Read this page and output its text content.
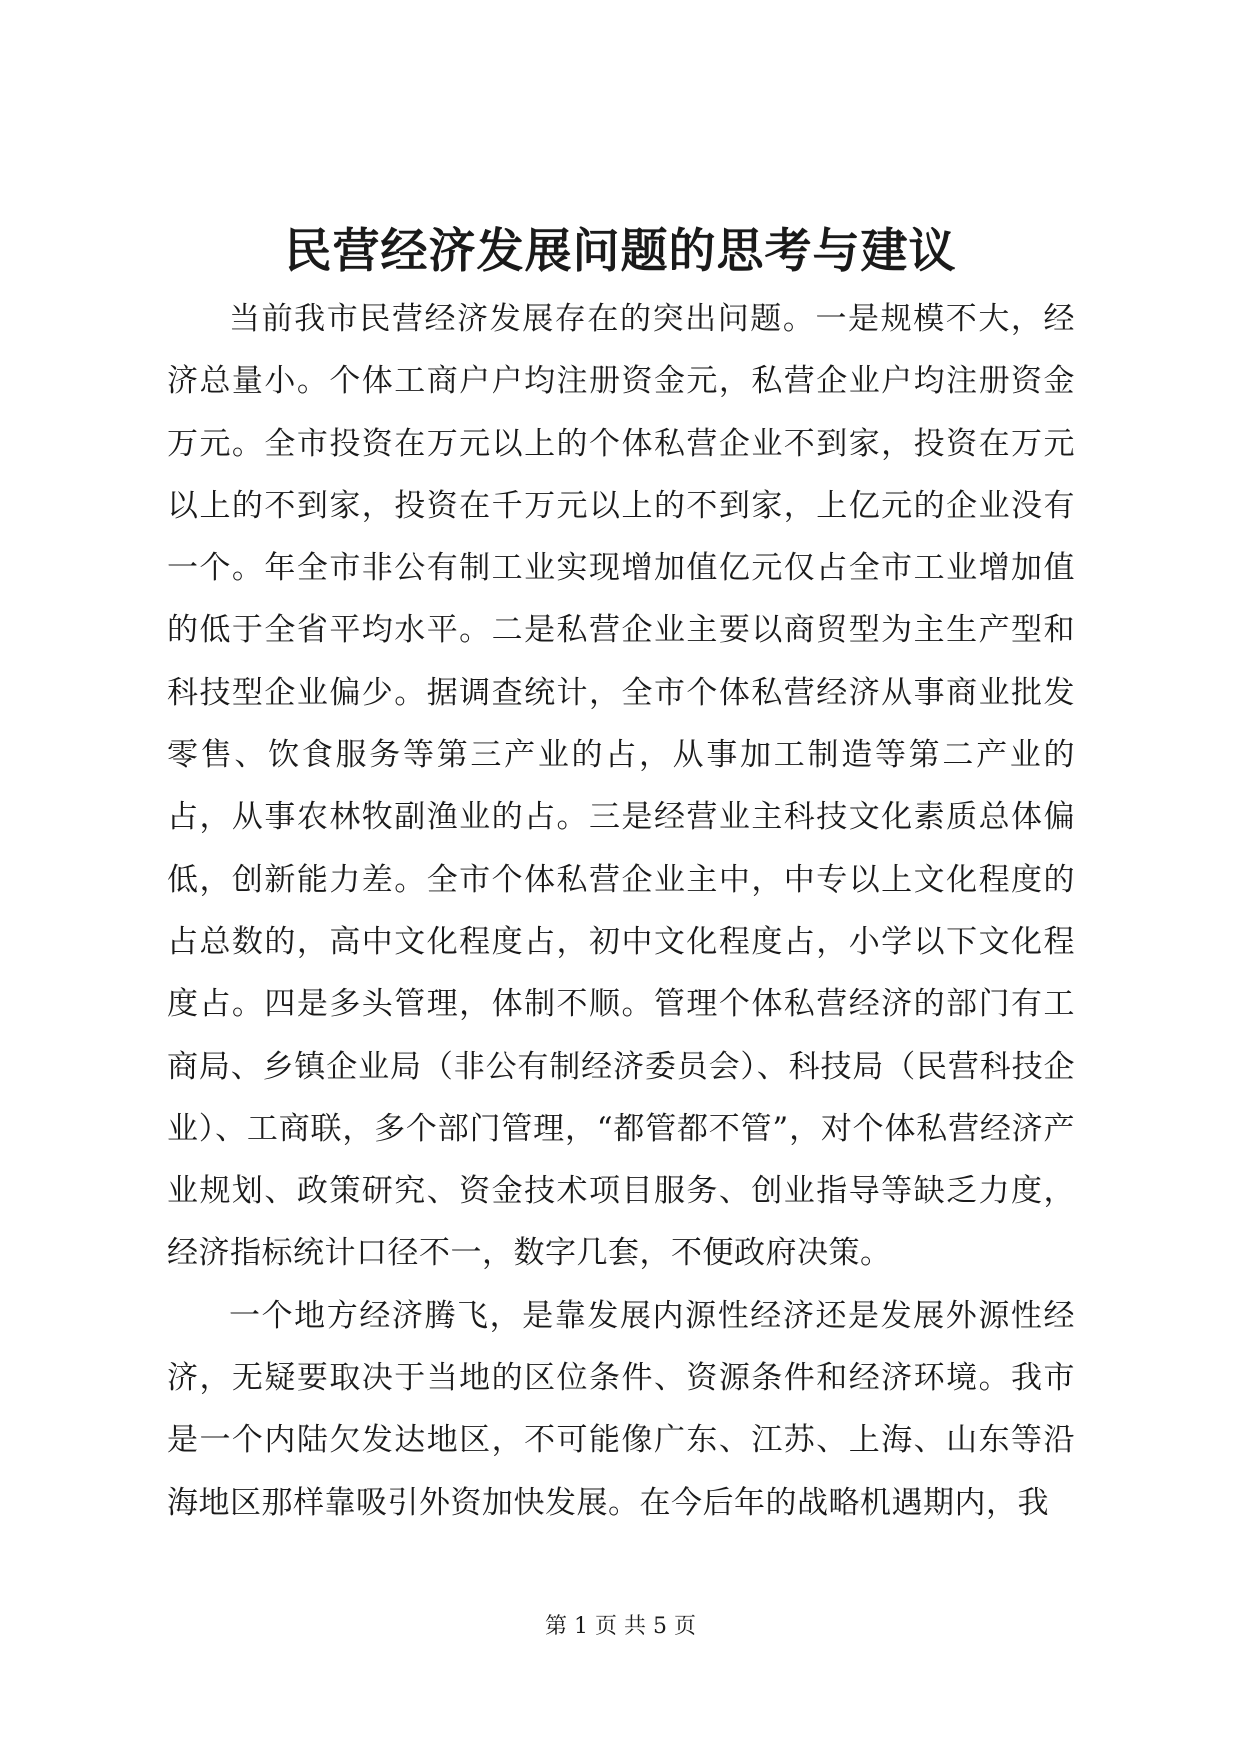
民营经济发展问题的思考与建议

当前我市民营经济发展存在的突出问题。一是规模不大，经济总量小。个体工商户户均注册资金元，私营企业户均注册资金万元。全市投资在万元以上的个体私营企业不到家，投资在万元以上的不到家，投资在千万元以上的不到家，上亿元的企业没有一个。年全市非公有制工业实现增加值亿元仅占全市工业增加值的低于全省平均水平。二是私营企业主要以商贸型为主生产型和科技型企业偏少。据调查统计，全市个体私营经济从事商业批发零售、饮食服务等第三产业的占，从事加工制造等第二产业的占，从事农林牧副渔业的占。三是经营业主科技文化素质总体偏低，创新能力差。全市个体私营企业主中，中专以上文化程度的占总数的，高中文化程度占，初中文化程度占，小学以下文化程度占。四是多头管理，体制不顺。管理个体私营经济的部门有工商局、乡镇企业局（非公有制经济委员会）、科技局（民营科技企业）、工商联，多个部门管理，“都管都不管”，对个体私营经济产业规划、政策研究、资金技术项目服务、创业指导等缺乏力度，经济指标统计口径不一，数字几套，不便政府决策。

一个地方经济腾飞，是靠发展内源性经济还是发展外源性经济，无疑要取决于当地的区位条件、资源条件和经济环境。我市是一个内陆欠发达地区，不可能像广东、江苏、上海、山东等沿海地区那样靠吸引外资加快发展。在今后年的战略机遇期内，我

第 1 页 共 5 页
